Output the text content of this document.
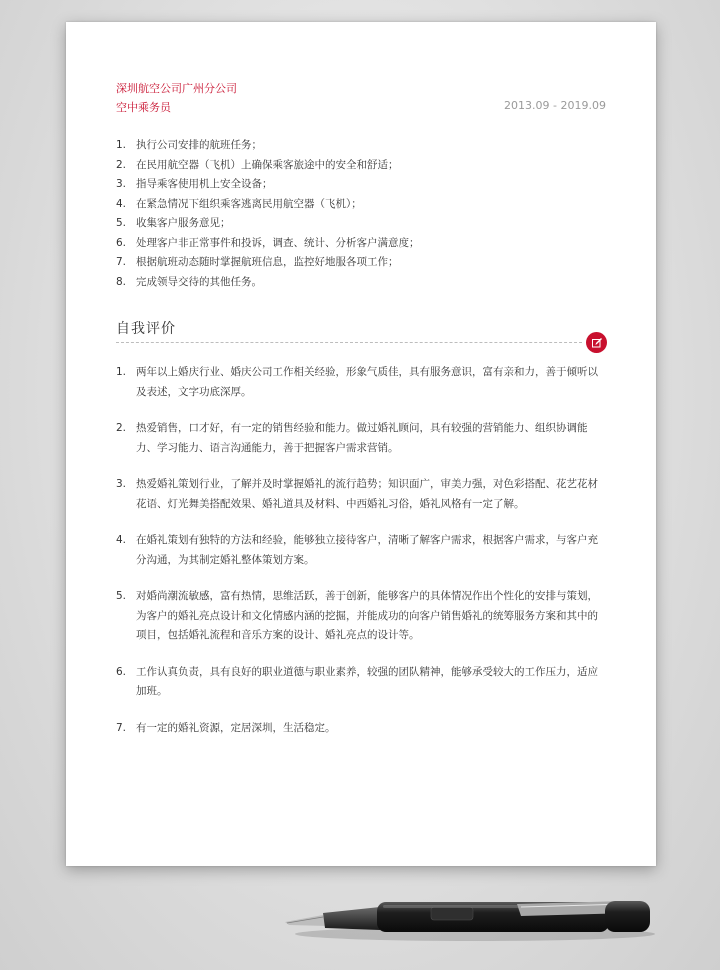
深圳航空公司广州分公司
空中乘务员	2013.09 - 2019.09
1. 执行公司安排的航班任务；
2. 在民用航空器（飞机）上确保乘客旅途中的安全和舒适；
3. 指导乘客使用机上安全设备；
4. 在紧急情况下组织乘客逃离民用航空器（飞机）；
5. 收集客户服务意见；
6. 处理客户非正常事件和投诉，调查、统计、分析客户满意度；
7. 根据航班动态随时掌握航班信息，监控好地服各项工作；
8. 完成领导交待的其他任务。
自我评价
1. 两年以上婚庆行业、婚庆公司工作相关经验，形象气质佳，具有服务意识，富有亲和力，善于倾听以及表述，文字功底深厚。
2. 热爱销售，口才好，有一定的销售经验和能力。做过婚礼顾问，具有较强的营销能力、组织协调能力、学习能力、语言沟通能力，善于把握客户需求营销。
3. 热爱婚礼策划行业，了解并及时掌握婚礼的流行趋势；知识面广，审美力强，对色彩搭配、花艺花材花语、灯光舞美搭配效果、婚礼道具及材料、中西婚礼习俗，婚礼风格有一定了解。
4. 在婚礼策划有独特的方法和经验，能够独立接待客户，清晰了解客户需求，根据客户需求，与客户充分沟通，为其制定婚礼整体策划方案。
5. 对婚尚潮流敏感，富有热情，思维活跃，善于创新，能够客户的具体情况作出个性化的安排与策划，为客户的婚礼亮点设计和文化情感内涵的挖掘，并能成功的向客户销售婚礼的统筹服务方案和其中的项目，包括婚礼流程和音乐方案的设计、婚礼亮点的设计等。
6. 工作认真负责，具有良好的职业道德与职业素养，较强的团队精神，能够承受较大的工作压力，适应加班。
7. 有一定的婚礼资源，定居深圳，生活稳定。
